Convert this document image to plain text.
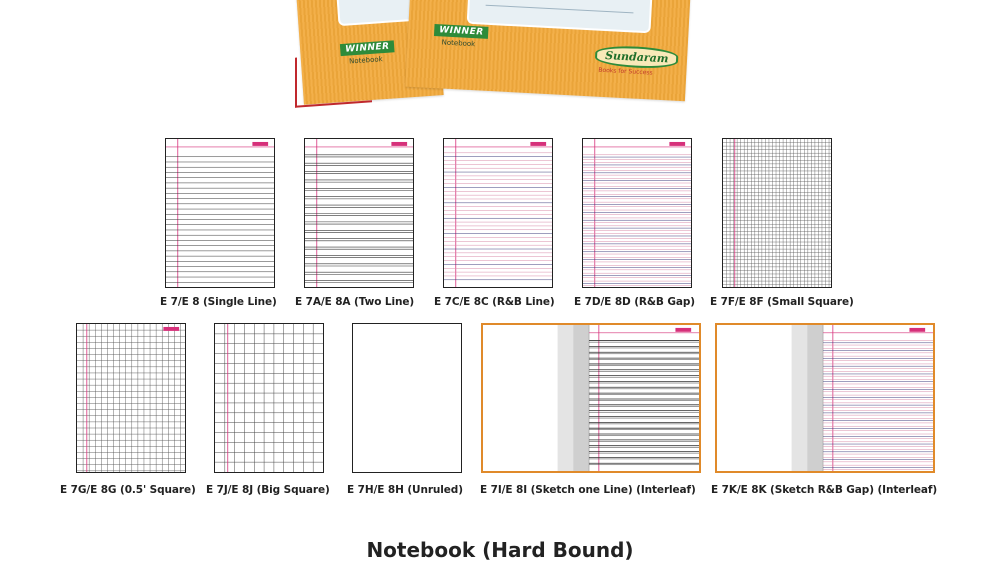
WINNER
Notebook
WINNER
Notebook
Sundaram
Books for Success
E 7/E 8 (Single Line) E 7A/E 8A (Two Line) E 7C/E 8C (R&B Line) E 7D/E 8D (R&B Gap) E 7F/E 8F (Small Square)
E 7G/E 8G (0.5' Square) E 7J/E 8J (Big Square) E 7H/E 8H (Unruled) E 7I/E 8I (Sketch one Line) (Interleaf) E 7K/E 8K (Sketch R&B Gap) (Interleaf)
Notebook (Hard Bound)
